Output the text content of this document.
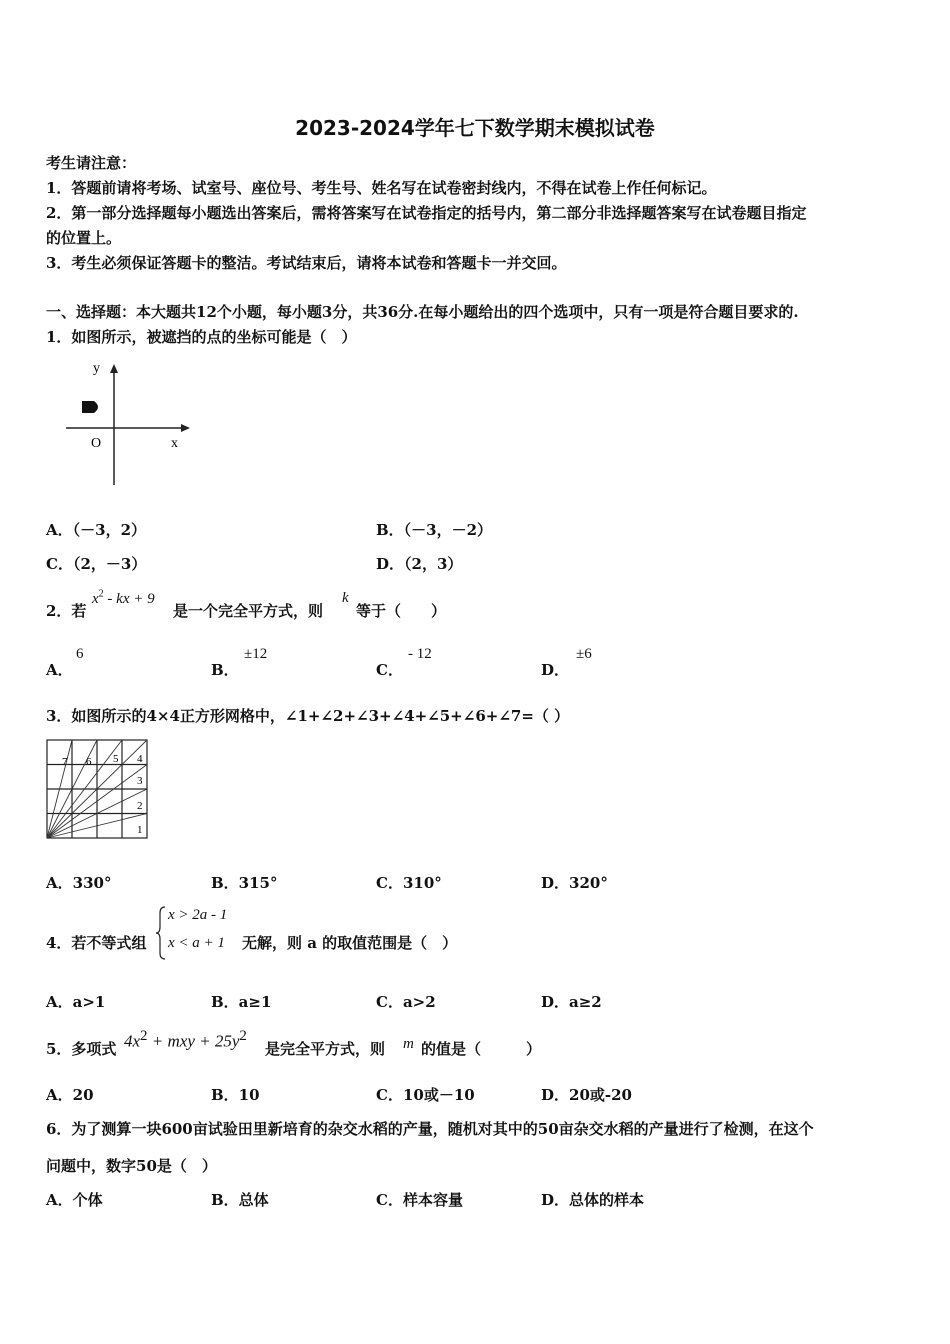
2023-2024学年七下数学期末模拟试卷
考生请注意：
1．答题前请将考场、试室号、座位号、考生号、姓名写在试卷密封线内，不得在试卷上作任何标记。
2．第一部分选择题每小题选出答案后，需将答案写在试卷指定的括号内，第二部分非选择题答案写在试卷题目指定
的位置上。
3．考生必须保证答题卡的整洁。考试结束后，请将本试卷和答题卡一并交回。
一、选择题：本大题共12个小题，每小题3分，共36分.在每小题给出的四个选项中，只有一项是符合题目要求的.
1．如图所示，被遮挡的点的坐标可能是（　）
y
x
O
A．（－3，2）	B．（－3，－2）
C．（2，－3）	D．（2，3）
2．若
$x^2$ - kx + 9
是一个完全平方式，则
k
等于（　　）
A．
6
B．
±12
C．
- 12
D．
±6
3．如图所示的4×4正方形网格中，∠1+∠2+∠3+∠4+∠5+∠6+∠7=（ ）
1
2
3
4
5
6
7
A．330°	B．315°	C．310°	D．320°
4．若不等式组
x > 2a - 1
x < a + 1 无解，则 a 的取值范围是（　）
A．a>1	B．a≥1	C．a>2	D．a≥2
5．多项式 $4x^2$ + mxy + $25y^2$
是完全平方式，则 m 的值是（　　　）
A．20	B．10	C．10或－10	D．20或-20
6．为了测算一块600亩试验田里新培育的杂交水稻的产量，随机对其中的50亩杂交水稻的产量进行了检测，在这个
问题中，数字50是（　）
A．个体	B．总体	C．样本容量	D．总体的样本
